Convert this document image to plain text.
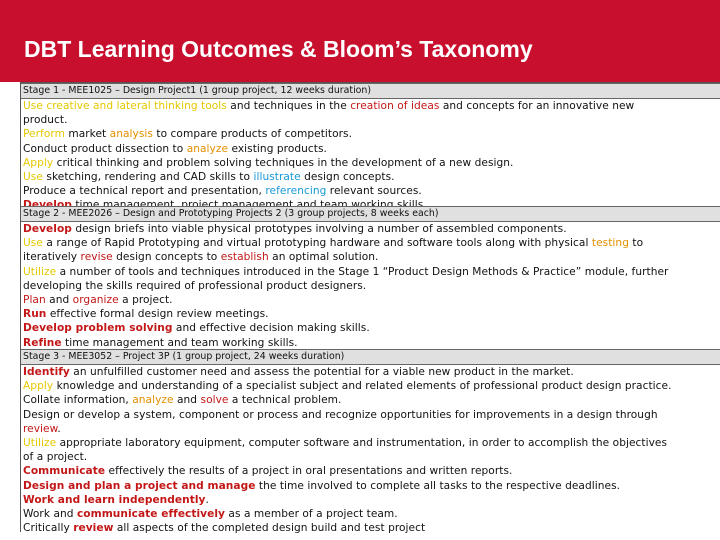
DBT Learning Outcomes & Bloom’s Taxonomy
Stage 1 - MEE1025 – Design Project1 (1 group project, 12 weeks duration)
Use creative and lateral thinking tools and techniques in the creation of ideas and concepts for an innovative new
product.
Perform market analysis to compare products of competitors.
Conduct product dissection to analyze existing products.
Apply critical thinking and problem solving techniques in the development of a new design.
Use sketching, rendering and CAD skills to illustrate design concepts.
Produce a technical report and presentation, referencing relevant sources.
Stage 2 - MEE2026 – Design and Prototyping Projects 2 (3 group projects, 8 weeks each)
Develop design briefs into viable physical prototypes involving a number of assembled components.
Use a range of Rapid Prototyping and virtual prototyping hardware and software tools along with physical testing to
iteratively revise design concepts to establish an optimal solution.
Utilize a number of tools and techniques introduced in the Stage 1 “Product Design Methods & Practice” module, further
developing the skills required of professional product designers.
Plan and organize a project.
Run effective formal design review meetings.
Develop problem solving and effective decision making skills.
Refine time management and team working skills.
Stage 3 - MEE3052 – Project 3P (1 group project, 24 weeks duration)
Identify an unfulfilled customer need and assess the potential for a viable new product in the market.
Apply knowledge and understanding of a specialist subject and related elements of professional product design practice.
Collate information, analyze and solve a technical problem.
Design or develop a system, component or process and recognize opportunities for improvements in a design through
review.
Utilize appropriate laboratory equipment, computer software and instrumentation, in order to accomplish the objectives
of a project.
Communicate effectively the results of a project in oral presentations and written reports.
Design and plan a project and manage the time involved to complete all tasks to the respective deadlines.
Work and learn independently.
Work and communicate effectively as a member of a project team.
Critically review all aspects of the completed design build and test project
